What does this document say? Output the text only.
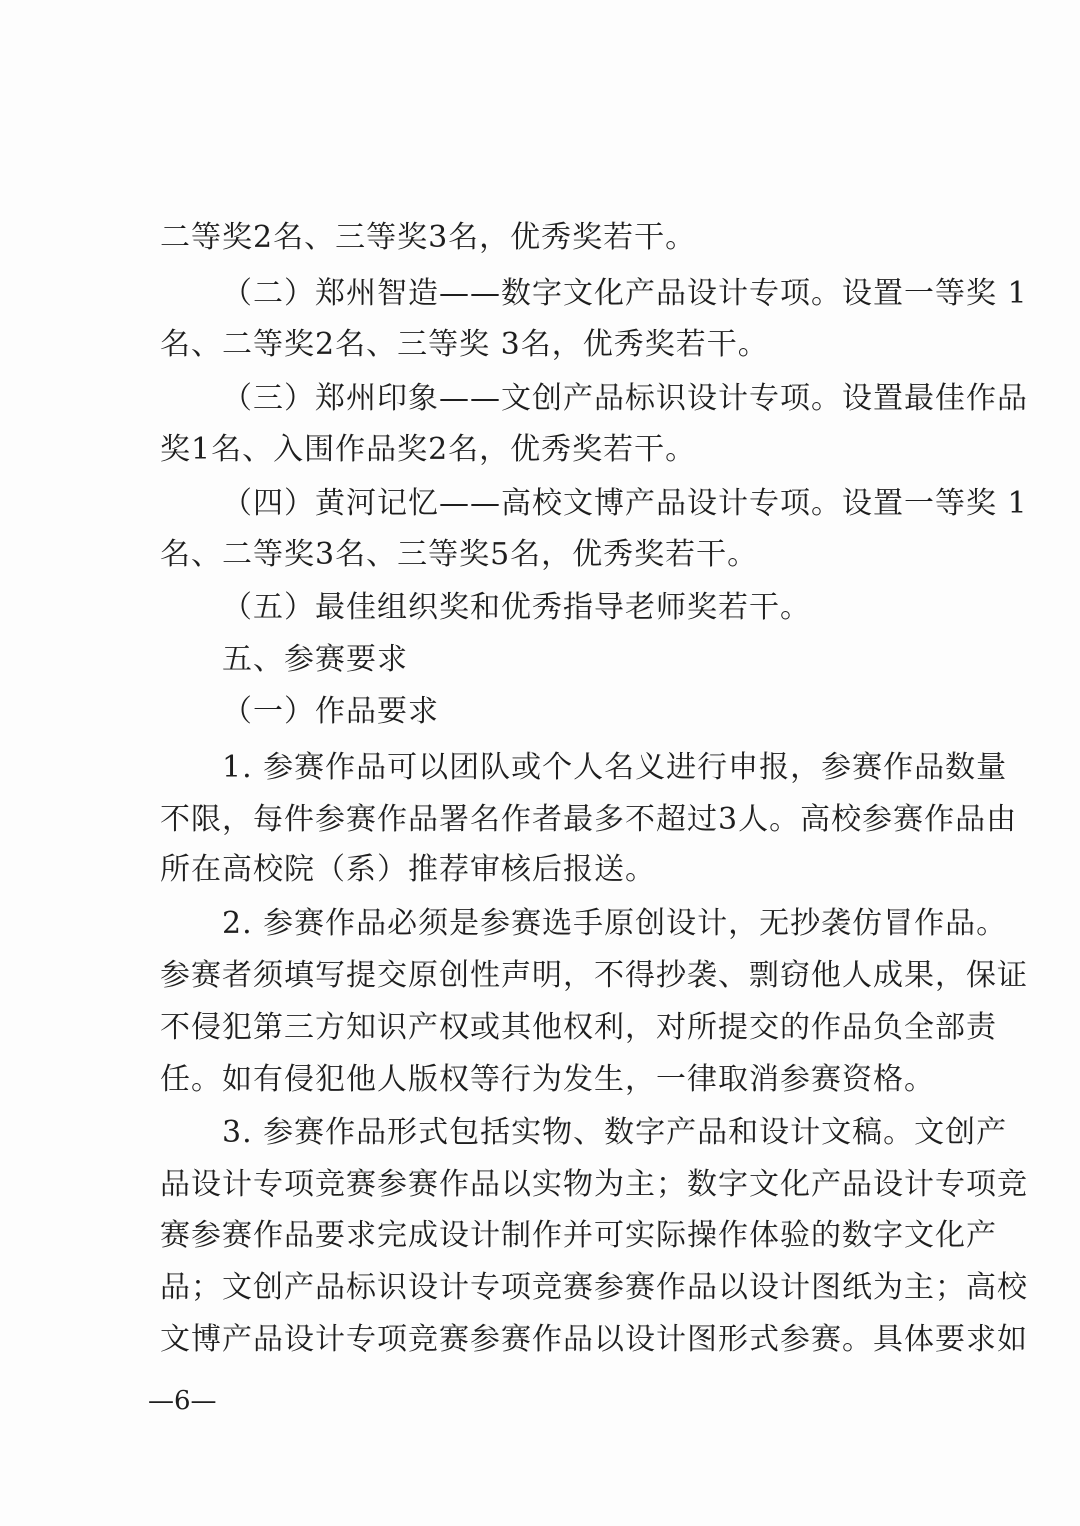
二等奖2名、三等奖3名，优秀奖若干。
（二）郑州智造——数字文化产品设计专项。设置一等奖 1
名、二等奖2名、三等奖 3名，优秀奖若干。
（三）郑州印象——文创产品标识设计专项。设置最佳作品
奖1名、入围作品奖2名，优秀奖若干。
（四）黄河记忆——高校文博产品设计专项。设置一等奖 1
名、二等奖3名、三等奖5名，优秀奖若干。
（五）最佳组织奖和优秀指导老师奖若干。
五、参赛要求
（一）作品要求
1. 参赛作品可以团队或个人名义进行申报，参赛作品数量
不限，每件参赛作品署名作者最多不超过3人。高校参赛作品由
所在高校院（系）推荐审核后报送。
2. 参赛作品必须是参赛选手原创设计，无抄袭仿冒作品。
参赛者须填写提交原创性声明，不得抄袭、剽窃他人成果，保证
不侵犯第三方知识产权或其他权利，对所提交的作品负全部责
任。如有侵犯他人版权等行为发生，一律取消参赛资格。
3. 参赛作品形式包括实物、数字产品和设计文稿。文创产
品设计专项竞赛参赛作品以实物为主；数字文化产品设计专项竞
赛参赛作品要求完成设计制作并可实际操作体验的数字文化产
品；文创产品标识设计专项竞赛参赛作品以设计图纸为主；高校
文博产品设计专项竞赛参赛作品以设计图形式参赛。具体要求如
—6—
